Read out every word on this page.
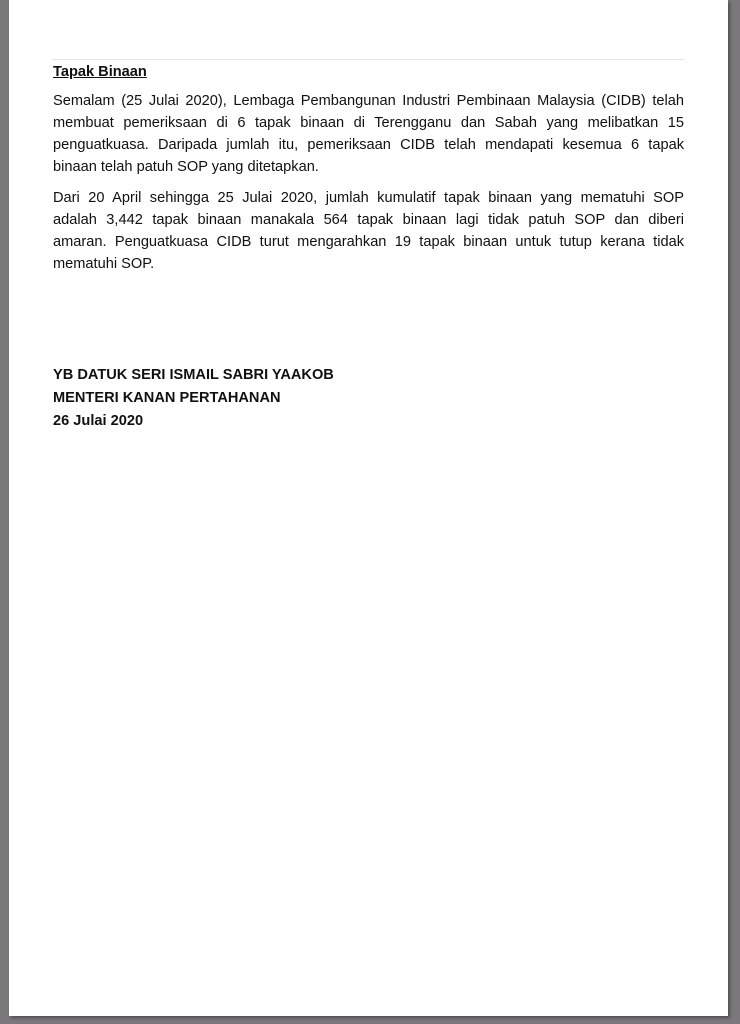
Tapak Binaan
Semalam (25 Julai 2020), Lembaga Pembangunan Industri Pembinaan Malaysia (CIDB) telah
membuat pemeriksaan di 6 tapak binaan di Terengganu dan Sabah yang melibatkan 15
penguatkuasa. Daripada jumlah itu, pemeriksaan CIDB telah mendapati kesemua 6 tapak
binaan telah patuh SOP yang ditetapkan.
Dari 20 April sehingga 25 Julai 2020, jumlah kumulatif tapak binaan yang mematuhi SOP
adalah 3,442 tapak binaan manakala 564 tapak binaan lagi tidak patuh SOP dan diberi
amaran. Penguatkuasa CIDB turut mengarahkan 19 tapak binaan untuk tutup kerana tidak
mematuhi SOP.
YB DATUK SERI ISMAIL SABRI YAAKOB
MENTERI KANAN PERTAHANAN
26 Julai 2020
